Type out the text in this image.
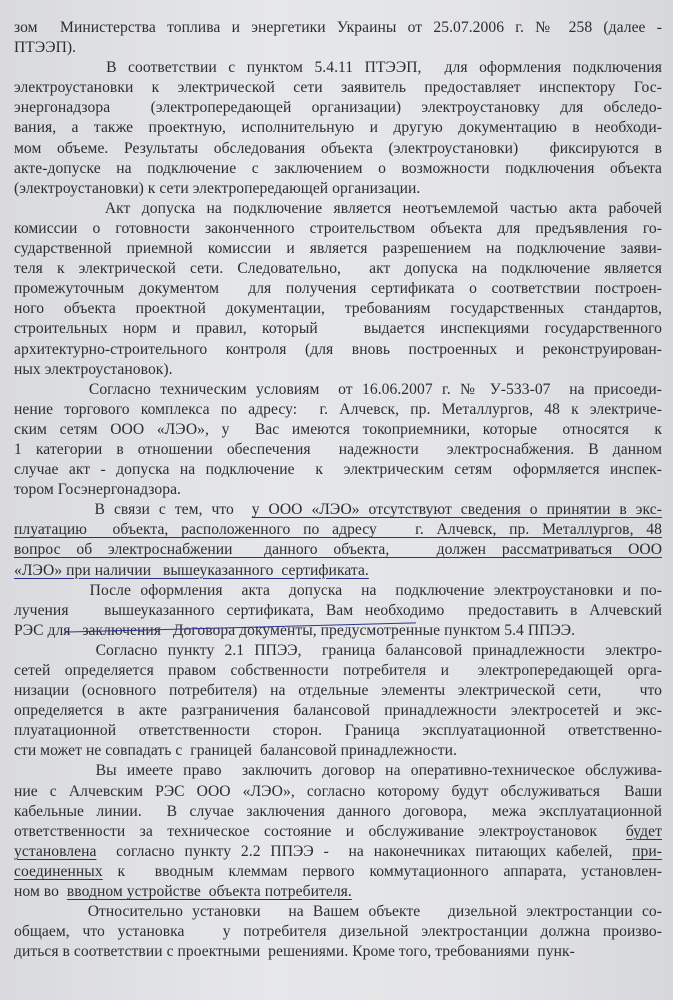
зом  Министерства топлива и энергетики Украины от 25.07.2006 г. № 258 (далее -
ПТЭЭП).
В соответствии с пунктом 5.4.11 ПТЭЭП,  для оформления подключения
электроустановки к электрической сети заявитель предоставляет инспектору Гос-
энергонадзора  (электропередающей организации) электроустановку для обследо-
вания, а также проектную, исполнительную и другую документацию в необходи-
мом объеме. Результаты обследования объекта (электроустановки)  фиксируются в
акте-допуске на подключение с заключением о возможности подключения объекта
(электроустановки) к сети электропередающей организации.
Акт допуска на подключение является неотъемлемой частью акта рабочей
комиссии о готовности законченного строительством объекта для предъявления го-
сударственной приемной комиссии и является разрешением на подключение заяви-
теля к электрической сети. Следовательно,  акт допуска на подключение является
промежуточным документом  для получения сертификата о соответствии построен-
ного объекта проектной документации, требованиям государственных стандартов,
строительных норм и правил, который   выдается инспекциями государственного
архитектурно-строительного контроля (для вновь построенных и реконструирован-
ных электроустановок).
Согласно техническим условиям  от 16.06.2007 г. № У-533-07  на присоеди-
нение торгового комплекса по адресу:  г. Алчевск, пр. Металлургов, 48 к электриче-
ским сетям ООО «ЛЭО», у  Вас имеются токоприемники, которые  относятся  к
1 категории в отношении обеспечения  надежности  электроснабжения. В данном
случае акт - допуска на подключение  к  электрическим сетям  оформляется инспек-
тором Госэнергонадзора.
В связи с тем, что  у ООО «ЛЭО» отсутствуют сведения о принятии в экс-
плуатацию  объекта, расположенного по адресу   г. Алчевск, пр. Металлургов, 48
вопрос об электроснабжении  данного объекта,   должен рассматриваться ООО
«ЛЭО» при наличии   вышеуказанного  сертификата.
После оформления  акта  допуска  на  подключение электроустановки и по-
лучения   вышеуказанного сертификата, Вам необходимо  предоставить в Алчевский
РЭС для   заключения   Договора документы, предусмотренные пунктом 5.4 ППЭЭ.
Согласно пункту 2.1 ППЭЭ,  граница балансовой принадлежности  электро-
сетей определяется правом собственности потребителя и  электропередающей орга-
низации (основного потребителя) на отдельные элементы электрической сети,   что
определяется в акте разграничения балансовой принадлежности электросетей и экс-
плуатационной ответственности сторон. Граница эксплуатационной ответственно-
сти может не совпадать с  границей  балансовой принадлежности.
Вы имеете право  заключить договор на оперативно-техническое обслужива-
ние с Алчевским РЭС ООО «ЛЭО», согласно которому будут обслуживаться  Ваши
кабельные линии.  В случае заключения данного договора,  межа эксплуатационной
ответственности за техническое состояние и обслуживание электроустановок  будет
установлена  согласно пункту 2.2 ППЭЭ -  на наконечниках питающих кабелей,  при-
соединенных к  вводным клеммам первого коммутационного аппарата, установлен-
ном во  вводном устройстве  объекта потребителя.
Относительно установки   на Вашем объекте   дизельной электростанции со-
общаем, что установка   у потребителя дизельной электростанции должна произво-
диться в соответствии с проектными  решениями. Кроме того, требованиями  пунк-
